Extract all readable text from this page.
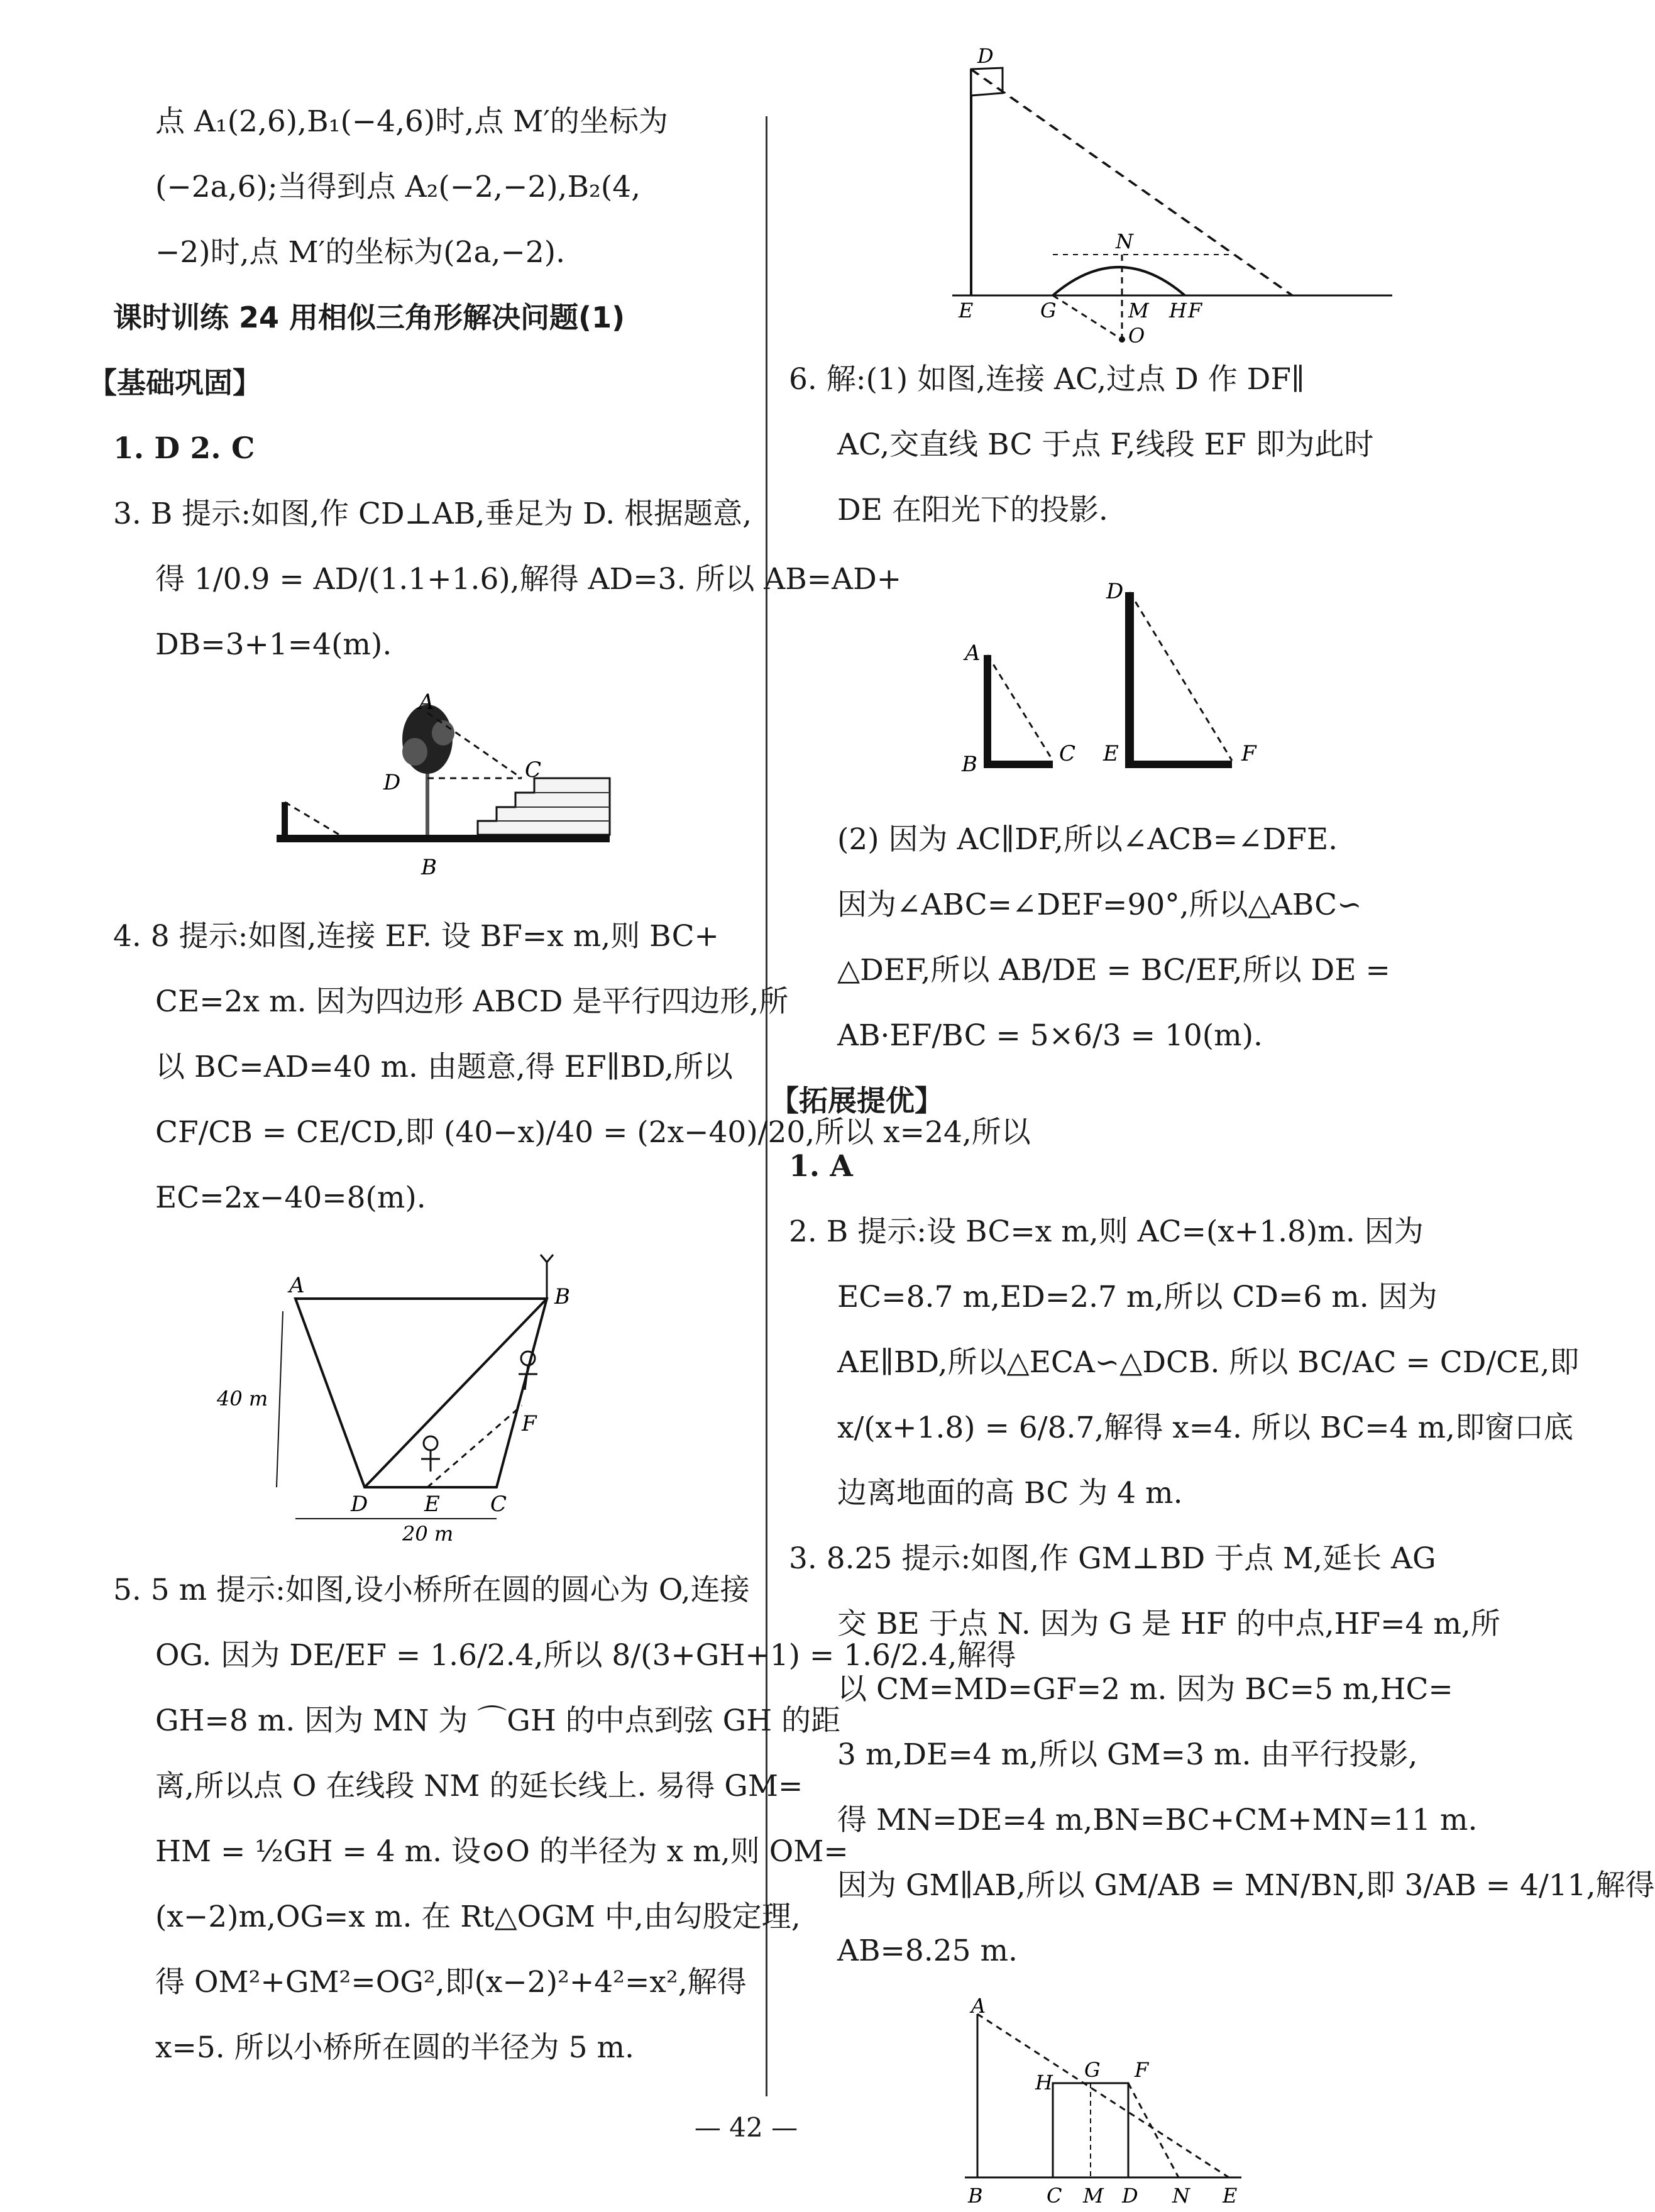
点 A₁(2,6),B₁(−4,6)时,点 M′的坐标为
(−2a,6);当得到点 A₂(−2,−2),B₂(4,
−2)时,点 M′的坐标为(2a,−2).
课时训练 24 用相似三角形解决问题(1)
【基础巩固】
1. D 2. C
3. B 提示:如图,作 CD⊥AB,垂足为 D. 根据题意,
得 1/0.9 = AD/(1.1+1.6),解得 AD=3. 所以 AB=AD+
DB=3+1=4(m).
A
C
D
B
4. 8 提示:如图,连接 EF. 设 BF=x m,则 BC+
CE=2x m. 因为四边形 ABCD 是平行四边形,所
以 BC=AD=40 m. 由题意,得 EF∥BD,所以
CF/CB = CE/CD,即 (40−x)/40 = (2x−40)/20,所以 x=24,所以
EC=2x−40=8(m).
A	B
F
D	E C
40 m
20 m
5. 5 m 提示:如图,设小桥所在圆的圆心为 O,连接
OG. 因为 DE/EF = 1.6/2.4,所以 8/(3+GH+1) = 1.6/2.4,解得
GH=8 m. 因为 MN 为 ⌒GH 的中点到弦 GH 的距
离,所以点 O 在线段 NM 的延长线上. 易得 GM=
HM = ½GH = 4 m. 设⊙O 的半径为 x m,则 OM=
(x−2)m,OG=x m. 在 Rt△OGM 中,由勾股定理,
得 OM²+GM²=OG²,即(x−2)²+4²=x²,解得
x=5. 所以小桥所在圆的半径为 5 m.
D
N
E	G	M H F
O
6. 解:(1) 如图,连接 AC,过点 D 作 DF∥
AC,交直线 BC 于点 F,线段 EF 即为此时
DE 在阳光下的投影.
D
A
B	C E	F
(2) 因为 AC∥DF,所以∠ACB=∠DFE.
因为∠ABC=∠DEF=90°,所以△ABC∽
△DEF,所以 AB/DE = BC/EF,所以 DE =
AB·EF/BC = 5×6/3 = 10(m).
【拓展提优】
1. A
2. B 提示:设 BC=x m,则 AC=(x+1.8)m. 因为
EC=8.7 m,ED=2.7 m,所以 CD=6 m. 因为
AE∥BD,所以△ECA∽△DCB. 所以 BC/AC = CD/CE,即
x/(x+1.8) = 6/8.7,解得 x=4. 所以 BC=4 m,即窗口底
边离地面的高 BC 为 4 m.
3. 8.25 提示:如图,作 GM⊥BD 于点 M,延长 AG
交 BE 于点 N. 因为 G 是 HF 的中点,HF=4 m,所
以 CM=MD=GF=2 m. 因为 BC=5 m,HC=
3 m,DE=4 m,所以 GM=3 m. 由平行投影,
得 MN=DE=4 m,BN=BC+CM+MN=11 m.
因为 GM∥AB,所以 GM/AB = MN/BN,即 3/AB = 4/11,解得
AB=8.25 m.
A
H
G F
B	C M D N E
— 42 —
